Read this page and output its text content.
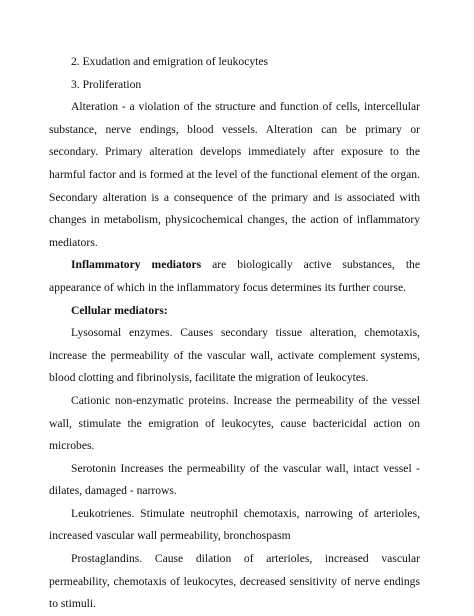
2. Exudation and emigration of leukocytes

3. Proliferation

Alteration - a violation of the structure and function of cells, intercellular substance, nerve endings, blood vessels. Alteration can be primary or secondary. Primary alteration develops immediately after exposure to the harmful factor and is formed at the level of the functional element of the organ. Secondary alteration is a consequence of the primary and is associated with changes in metabolism, physicochemical changes, the action of inflammatory mediators.

Inflammatory mediators are biologically active substances, the appearance of which in the inflammatory focus determines its further course.

Cellular mediators:

Lysosomal enzymes. Causes secondary tissue alteration, chemotaxis, increase the permeability of the vascular wall, activate complement systems, blood clotting and fibrinolysis, facilitate the migration of leukocytes.

Cationic non-enzymatic proteins. Increase the permeability of the vessel wall, stimulate the emigration of leukocytes, cause bactericidal action on microbes.

Serotonin Increases the permeability of the vascular wall, intact vessel - dilates, damaged - narrows.

Leukotrienes. Stimulate neutrophil chemotaxis, narrowing of arterioles, increased vascular wall permeability, bronchospasm

Prostaglandins. Cause dilation of arterioles, increased vascular permeability, chemotaxis of leukocytes, decreased sensitivity of nerve endings to stimuli.
